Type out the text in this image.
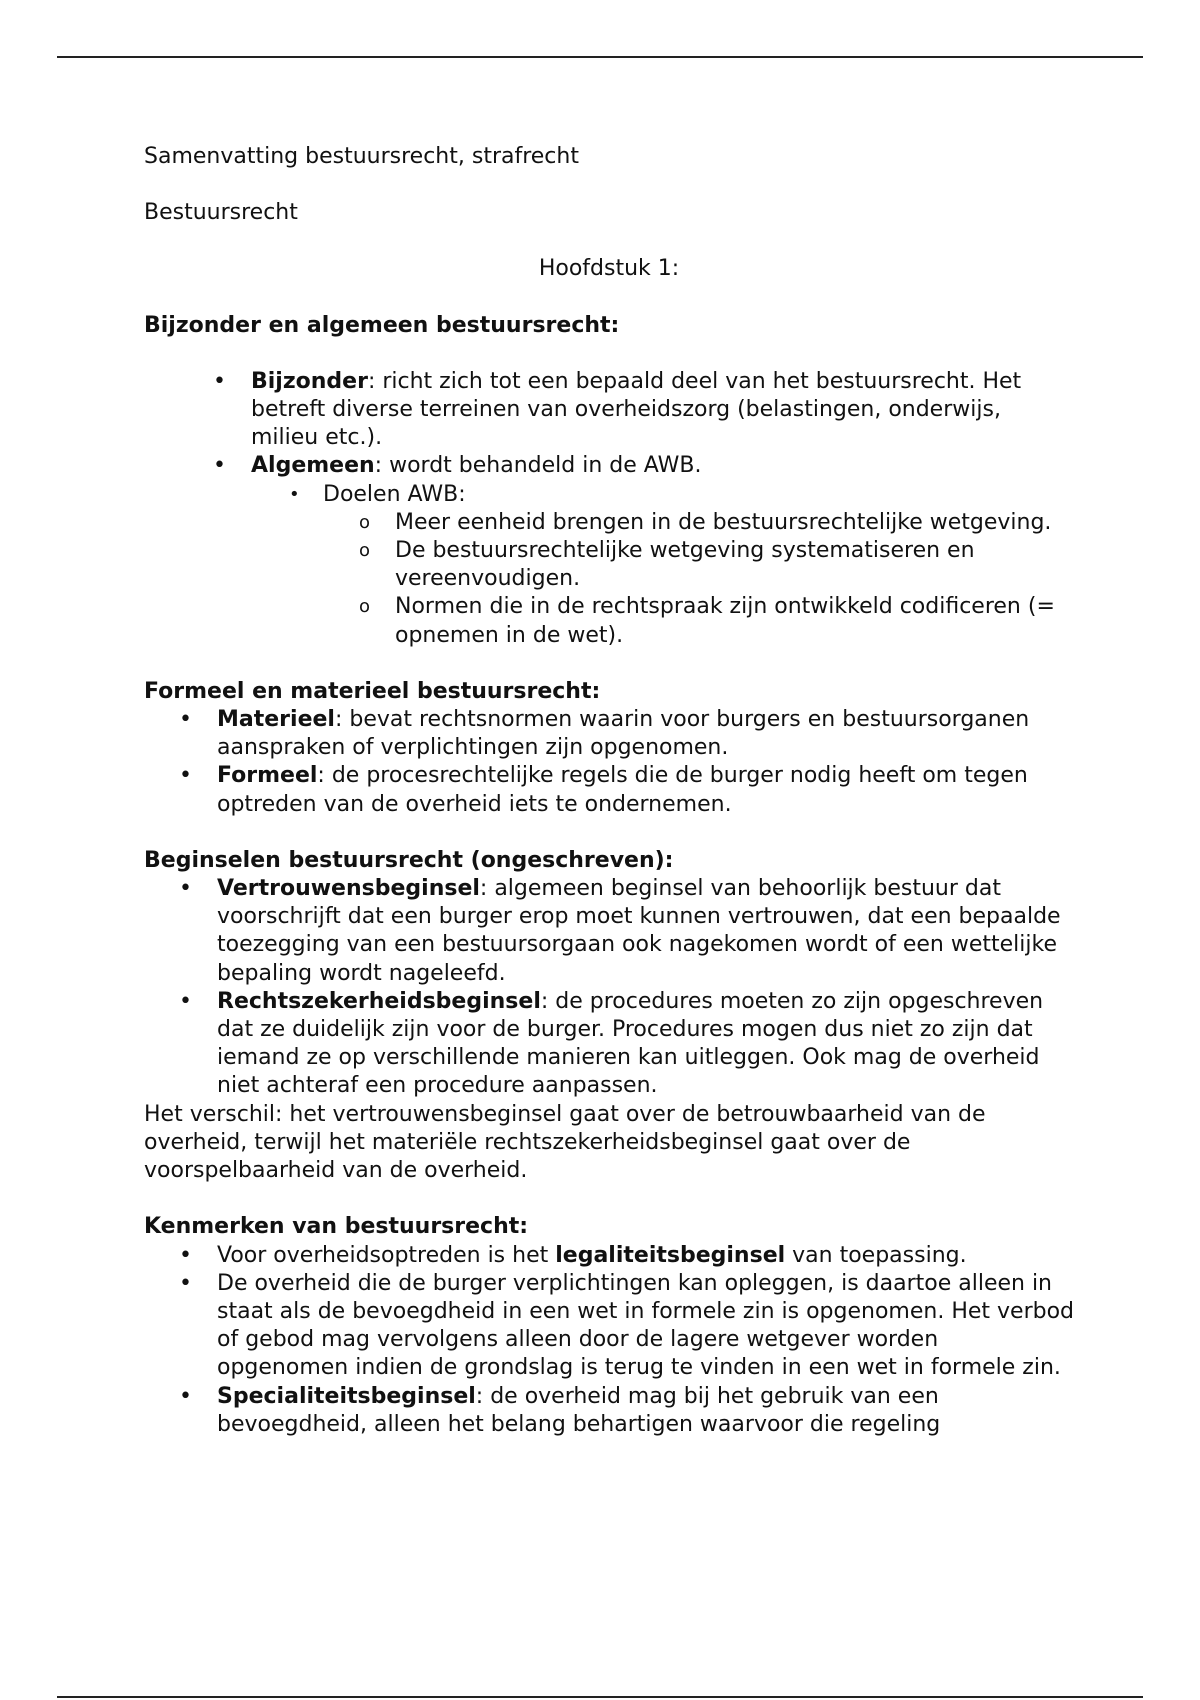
Samenvatting bestuursrecht, strafrecht

Bestuursrecht

Hoofdstuk 1:

Bijzonder en algemeen bestuursrecht:

• Bijzonder: richt zich tot een bepaald deel van het bestuursrecht. Het betreft diverse terreinen van overheidszorg (belastingen, onderwijs, milieu etc.).
• Algemeen: wordt behandeld in de AWB.
• Doelen AWB:
o Meer eenheid brengen in de bestuursrechtelijke wetgeving.
o De bestuursrechtelijke wetgeving systematiseren en vereenvoudigen.
o Normen die in de rechtspraak zijn ontwikkeld codificeren (= opnemen in de wet).

Formeel en materieel bestuursrecht:

• Materieel: bevat rechtsnormen waarin voor burgers en bestuursorganen aanspraken of verplichtingen zijn opgenomen.
• Formeel: de procesrechtelijke regels die de burger nodig heeft om tegen optreden van de overheid iets te ondernemen.

Beginselen bestuursrecht (ongeschreven):

• Vertrouwensbeginsel: algemeen beginsel van behoorlijk bestuur dat voorschrijft dat een burger erop moet kunnen vertrouwen, dat een bepaalde toezegging van een bestuursorgaan ook nagekomen wordt of een wettelijke bepaling wordt nageleefd.
• Rechtszekerheidsbeginsel: de procedures moeten zo zijn opgeschreven dat ze duidelijk zijn voor de burger. Procedures mogen dus niet zo zijn dat iemand ze op verschillende manieren kan uitleggen. Ook mag de overheid niet achteraf een procedure aanpassen.

Het verschil: het vertrouwensbeginsel gaat over de betrouwbaarheid van de overheid, terwijl het materiële rechtszekerheidsbeginsel gaat over de voorspelbaarheid van de overheid.

Kenmerken van bestuursrecht:

• Voor overheidsoptreden is het legaliteitsbeginsel van toepassing.
• De overheid die de burger verplichtingen kan opleggen, is daartoe alleen in staat als de bevoegdheid in een wet in formele zin is opgenomen. Het verbod of gebod mag vervolgens alleen door de lagere wetgever worden opgenomen indien de grondslag is terug te vinden in een wet in formele zin.
• Specialiteitsbeginsel: de overheid mag bij het gebruik van een bevoegdheid, alleen het belang behartigen waarvoor die regeling
